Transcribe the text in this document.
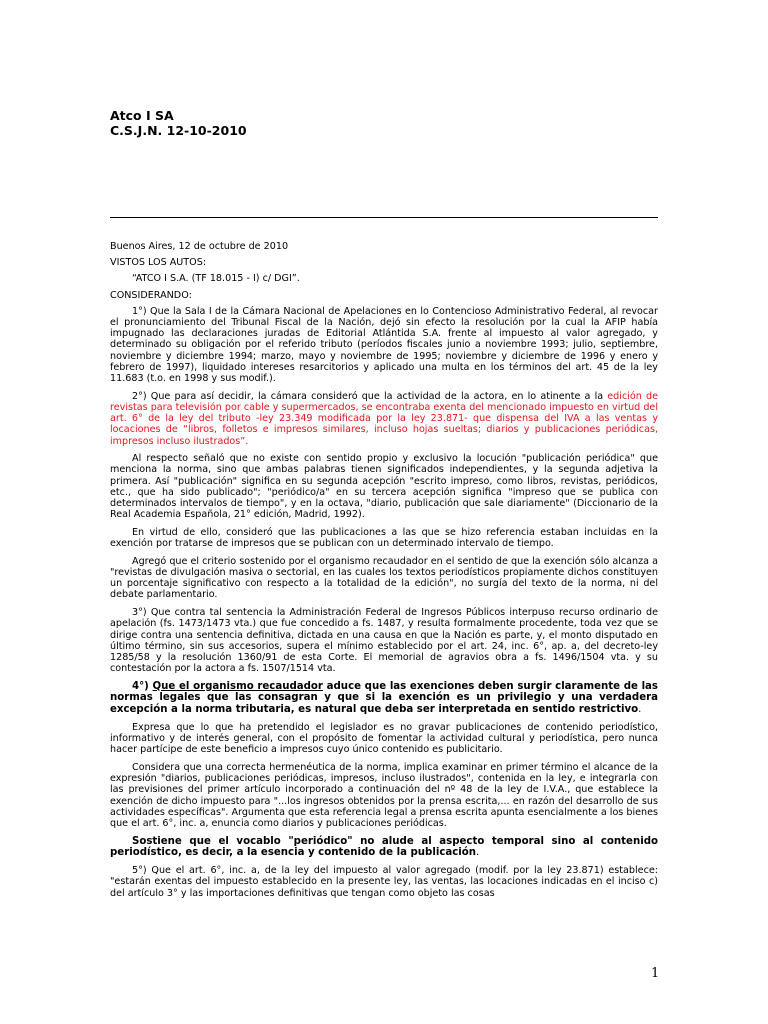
Atco I SA
C.S.J.N. 12-10-2010

Buenos Aires, 12 de octubre de 2010

VISTOS LOS AUTOS:

“ATCO I S.A. (TF 18.015 - I) c/ DGI”.

CONSIDERANDO:

1°) Que la Sala I de la Cámara Nacional de Apelaciones en lo Contencioso Administrativo Federal, al revocar el pronunciamiento del Tribunal Fiscal de la Nación, dejó sin efecto la resolución por la cual la AFIP había impugnado las declaraciones juradas de Editorial Atlántida S.A. frente al impuesto al valor agregado, y determinado su obligación por el referido tributo (períodos fiscales junio a noviembre 1993; julio, septiembre, noviembre y diciembre 1994; marzo, mayo y noviembre de 1995; noviembre y diciembre de 1996 y enero y febrero de 1997), liquidado intereses resarcitorios y aplicado una multa en los términos del art. 45 de la ley 11.683 (t.o. en 1998 y sus modif.).

2°) Que para así decidir, la cámara consideró que la actividad de la actora, en lo atinente a la edición de revistas para televisión por cable y supermercados, se encontraba exenta del mencionado impuesto en virtud del art. 6° de la ley del tributo -ley 23.349 modificada por la ley 23.871- que dispensa del IVA a las ventas y locaciones de “libros, folletos e impresos similares, incluso hojas sueltas; diarios y publicaciones periódicas, impresos incluso ilustrados”.

Al respecto señaló que no existe con sentido propio y exclusivo la locución "publicación periódica" que menciona la norma, sino que ambas palabras tienen significados independientes, y la segunda adjetiva la primera. Así "publicación" significa en su segunda acepción "escrito impreso, como libros, revistas, periódicos, etc., que ha sido publicado"; "periódico/a" en su tercera acepción significa "impreso que se publica con determinados intervalos de tiempo", y en la octava, "diario, publicación que sale diariamente" (Diccionario de la Real Academia Española, 21° edición, Madrid, 1992).

En virtud de ello, consideró que las publicaciones a las que se hizo referencia estaban incluidas en la exención por tratarse de impresos que se publican con un determinado intervalo de tiempo.

Agregó que el criterio sostenido por el organismo recaudador en el sentido de que la exención sólo alcanza a "revistas de divulgación masiva o sectorial, en las cuales los textos periodísticos propiamente dichos constituyen un porcentaje significativo con respecto a la totalidad de la edición", no surgía del texto de la norma, ni del debate parlamentario.

3°) Que contra tal sentencia la Administración Federal de Ingresos Públicos interpuso recurso ordinario de apelación (fs. 1473/1473 vta.) que fue concedido a fs. 1487, y resulta formalmente procedente, toda vez que se dirige contra una sentencia definitiva, dictada en una causa en que la Nación es parte, y, el monto disputado en último término, sin sus accesorios, supera el mínimo establecido por el art. 24, inc. 6°, ap. a, del decreto-ley 1285/58 y la resolución 1360/91 de esta Corte. El memorial de agravios obra a fs. 1496/1504 vta. y su contestación por la actora a fs. 1507/1514 vta.

4°) Que el organismo recaudador aduce que las exenciones deben surgir claramente de las normas legales que las consagran y que si la exención es un privilegio y una verdadera excepción a la norma tributaria, es natural que deba ser interpretada en sentido restrictivo.

Expresa que lo que ha pretendido el legislador es no gravar publicaciones de contenido periodístico, informativo y de interés general, con el propósito de fomentar la actividad cultural y periodística, pero nunca hacer partícipe de este beneficio a impresos cuyo único contenido es publicitario.

Considera que una correcta hermenéutica de la norma, implica examinar en primer término el alcance de la expresión "diarios, publicaciones periódicas, impresos, incluso ilustrados", contenida en la ley, e integrarla con las previsiones del primer artículo incorporado a continuación del nº 48 de la ley de I.V.A., que establece la exención de dicho impuesto para "...los ingresos obtenidos por la prensa escrita,... en razón del desarrollo de sus actividades específicas". Argumenta que esta referencia legal a prensa escrita apunta esencialmente a los bienes que el art. 6°, inc. a, enuncia como diarios y publicaciones periódicas.

Sostiene que el vocablo "periódico" no alude al aspecto temporal sino al contenido periodístico, es decir, a la esencia y contenido de la publicación.

5°) Que el art. 6°, inc. a, de la ley del impuesto al valor agregado (modif. por la ley 23.871) establece: "estarán exentas del impuesto establecido en la presente ley, las ventas, las locaciones indicadas en el inciso c) del artículo 3° y las importaciones definitivas que tengan como objeto las cosas

1
